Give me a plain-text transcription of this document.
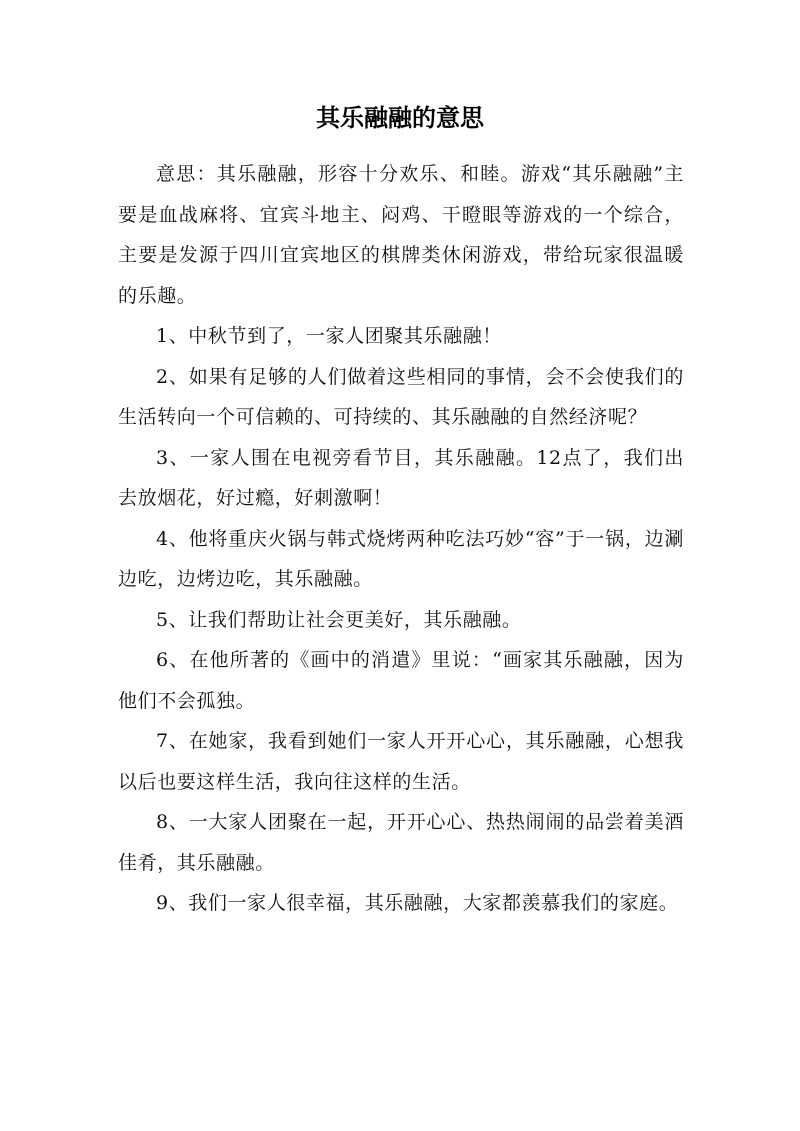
其乐融融的意思

意思：其乐融融，形容十分欢乐、和睦。游戏“其乐融融”主要是血战麻将、宜宾斗地主、闷鸡、干瞪眼等游戏的一个综合，主要是发源于四川宜宾地区的棋牌类休闲游戏，带给玩家很温暖的乐趣。

1、中秋节到了，一家人团聚其乐融融！

2、如果有足够的人们做着这些相同的事情，会不会使我们的生活转向一个可信赖的、可持续的、其乐融融的自然经济呢？

3、一家人围在电视旁看节目，其乐融融。12点了，我们出去放烟花，好过瘾，好刺激啊！

4、他将重庆火锅与韩式烧烤两种吃法巧妙“容”于一锅，边涮边吃，边烤边吃，其乐融融。

5、让我们帮助让社会更美好，其乐融融。

6、在他所著的《画中的消遣》里说：“画家其乐融融，因为他们不会孤独。

7、在她家，我看到她们一家人开开心心，其乐融融，心想我以后也要这样生活，我向往这样的生活。

8、一大家人团聚在一起，开开心心、热热闹闹的品尝着美酒佳肴，其乐融融。

9、我们一家人很幸福，其乐融融，大家都羡慕我们的家庭。
